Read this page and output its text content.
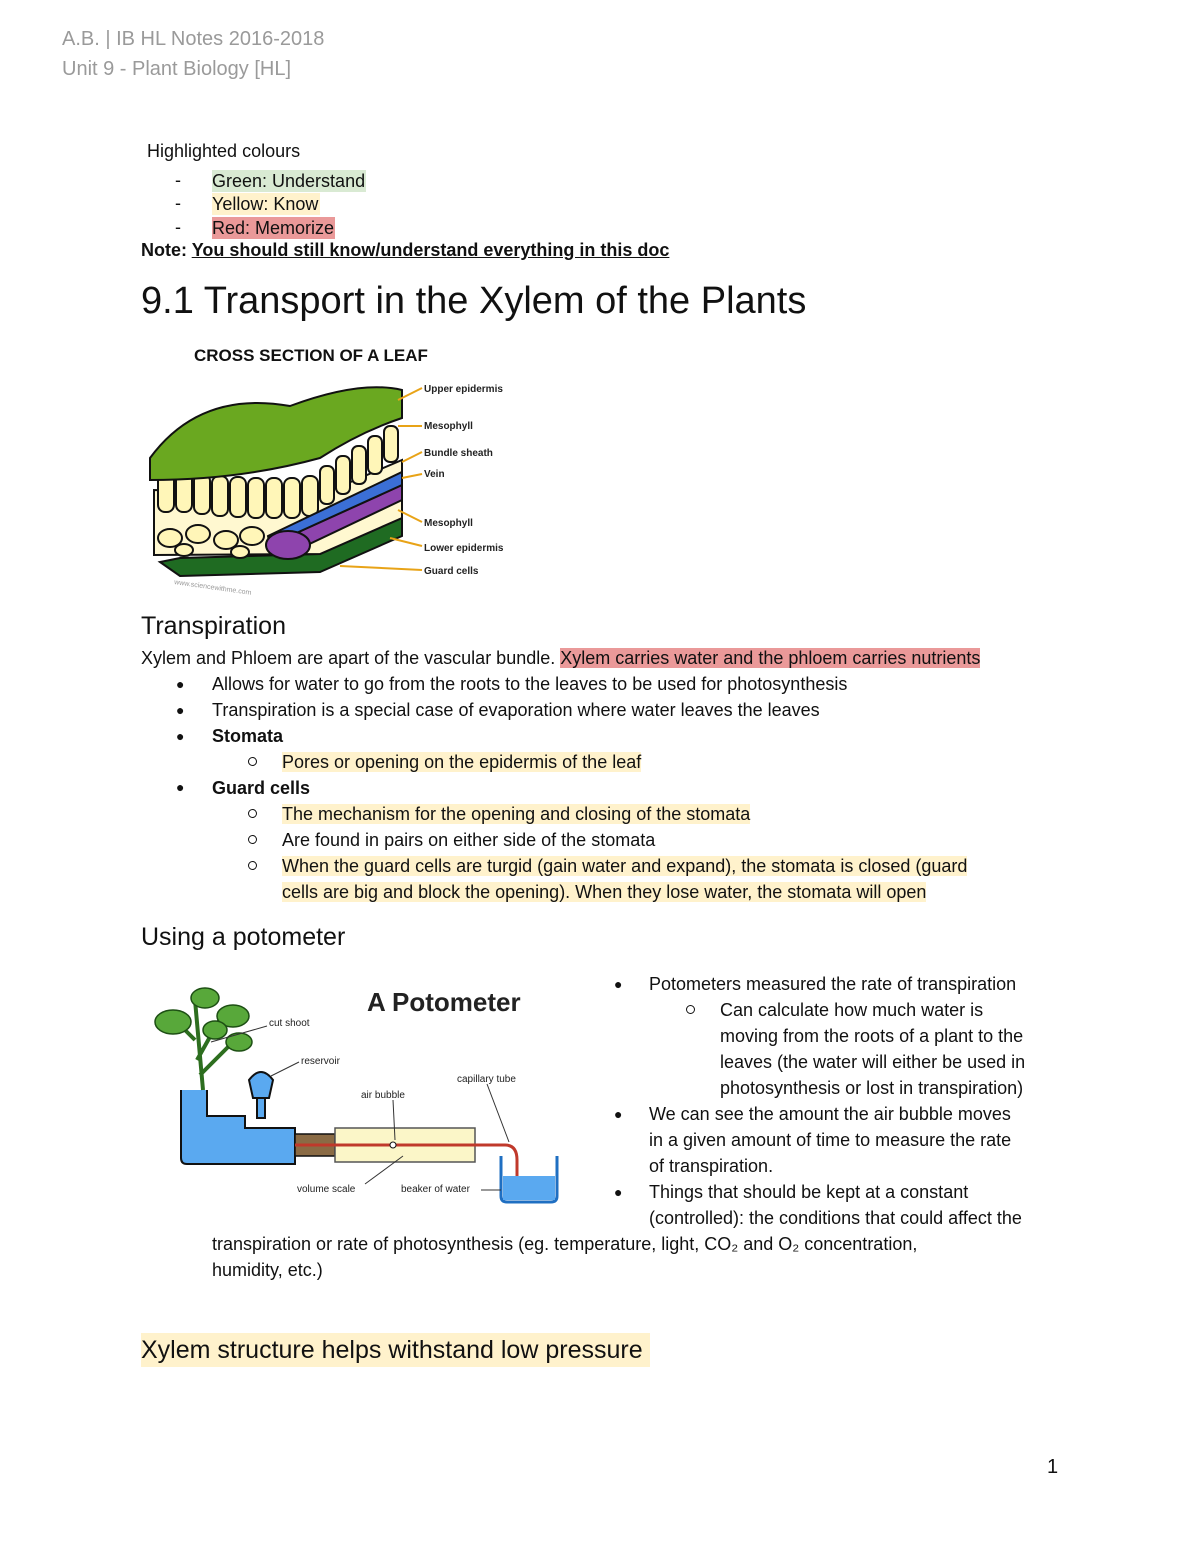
A.B. | IB HL Notes 2016-2018
Unit 9 - Plant Biology [HL]
Highlighted colours
- Green: Understand
- Yellow: Know
- Red: Memorize
Note: You should still know/understand everything in this doc
9.1 Transport in the Xylem of the Plants
CROSS SECTION OF A LEAF
Upper epidermis
Mesophyll
Bundle sheath
Vein
Mesophyll
Lower epidermis
Guard cells
www.sciencewithme.com
Transpiration
Xylem and Phloem are apart of the vascular bundle. Xylem carries water and the phloem carries nutrients
● Allows for water to go from the roots to the leaves to be used for photosynthesis
● Transpiration is a special case of evaporation where water leaves the leaves
● Stomata
Pores or opening on the epidermis of the leaf
● Guard cells
The mechanism for the opening and closing of the stomata
Are found in pairs on either side of the stomata
When the guard cells are turgid (gain water and expand), the stomata is closed (guard
cells are big and block the opening). When they lose water, the stomata will open
Using a potometer
A Potometer
cut shoot
reservoir
air bubble
capillary tube
volume scale	beaker of water
● Potometers measured the rate of transpiration
Can calculate how much water is
moving from the roots of a plant to the
leaves (the water will either be used in
photosynthesis or lost in transpiration)
● We can see the amount the air bubble moves
in a given amount of time to measure the rate
of transpiration.
● Things that should be kept at a constant
(controlled): the conditions that could affect the
transpiration or rate of photosynthesis (eg. temperature, light, CO₂ and O₂ concentration,
humidity, etc.)
Xylem structure helps withstand low pressure
1
